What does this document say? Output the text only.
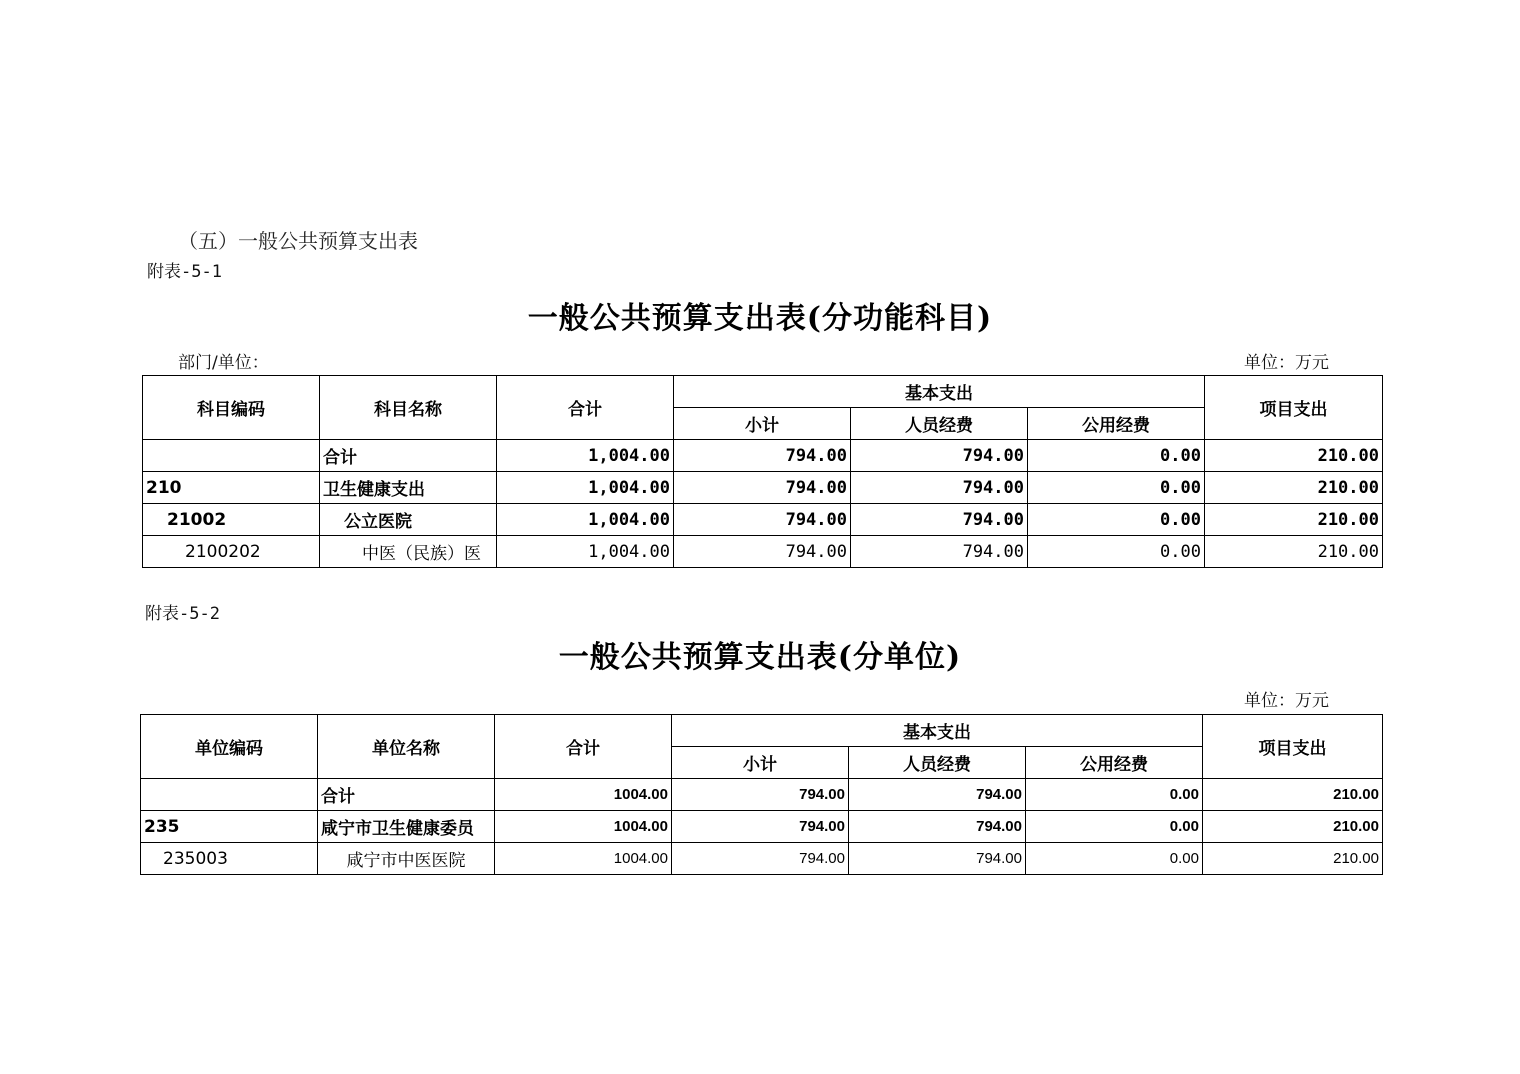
（五）一般公共预算支出表
附表-5-1
一般公共预算支出表(分功能科目)
部门/单位：	单位：万元
科目编码	科目名称	合计	基本支出			项目支出
			小计	人员经费	公用经费	
	合计	1,004.00	794.00	794.00	0.00	210.00
210	卫生健康支出	1,004.00	794.00	794.00	0.00	210.00
21002	公立医院	1,004.00	794.00	794.00	0.00	210.00
2100202	中医（民族）医	1,004.00	794.00	794.00	0.00	210.00
附表-5-2
一般公共预算支出表(分单位)
单位：万元
单位编码	单位名称	合计	基本支出			项目支出
			小计	人员经费	公用经费	
	合计	1004.00	794.00	794.00	0.00	210.00
235	咸宁市卫生健康委员	1004.00	794.00	794.00	0.00	210.00
235003	咸宁市中医医院	1004.00	794.00	794.00	0.00	210.00
